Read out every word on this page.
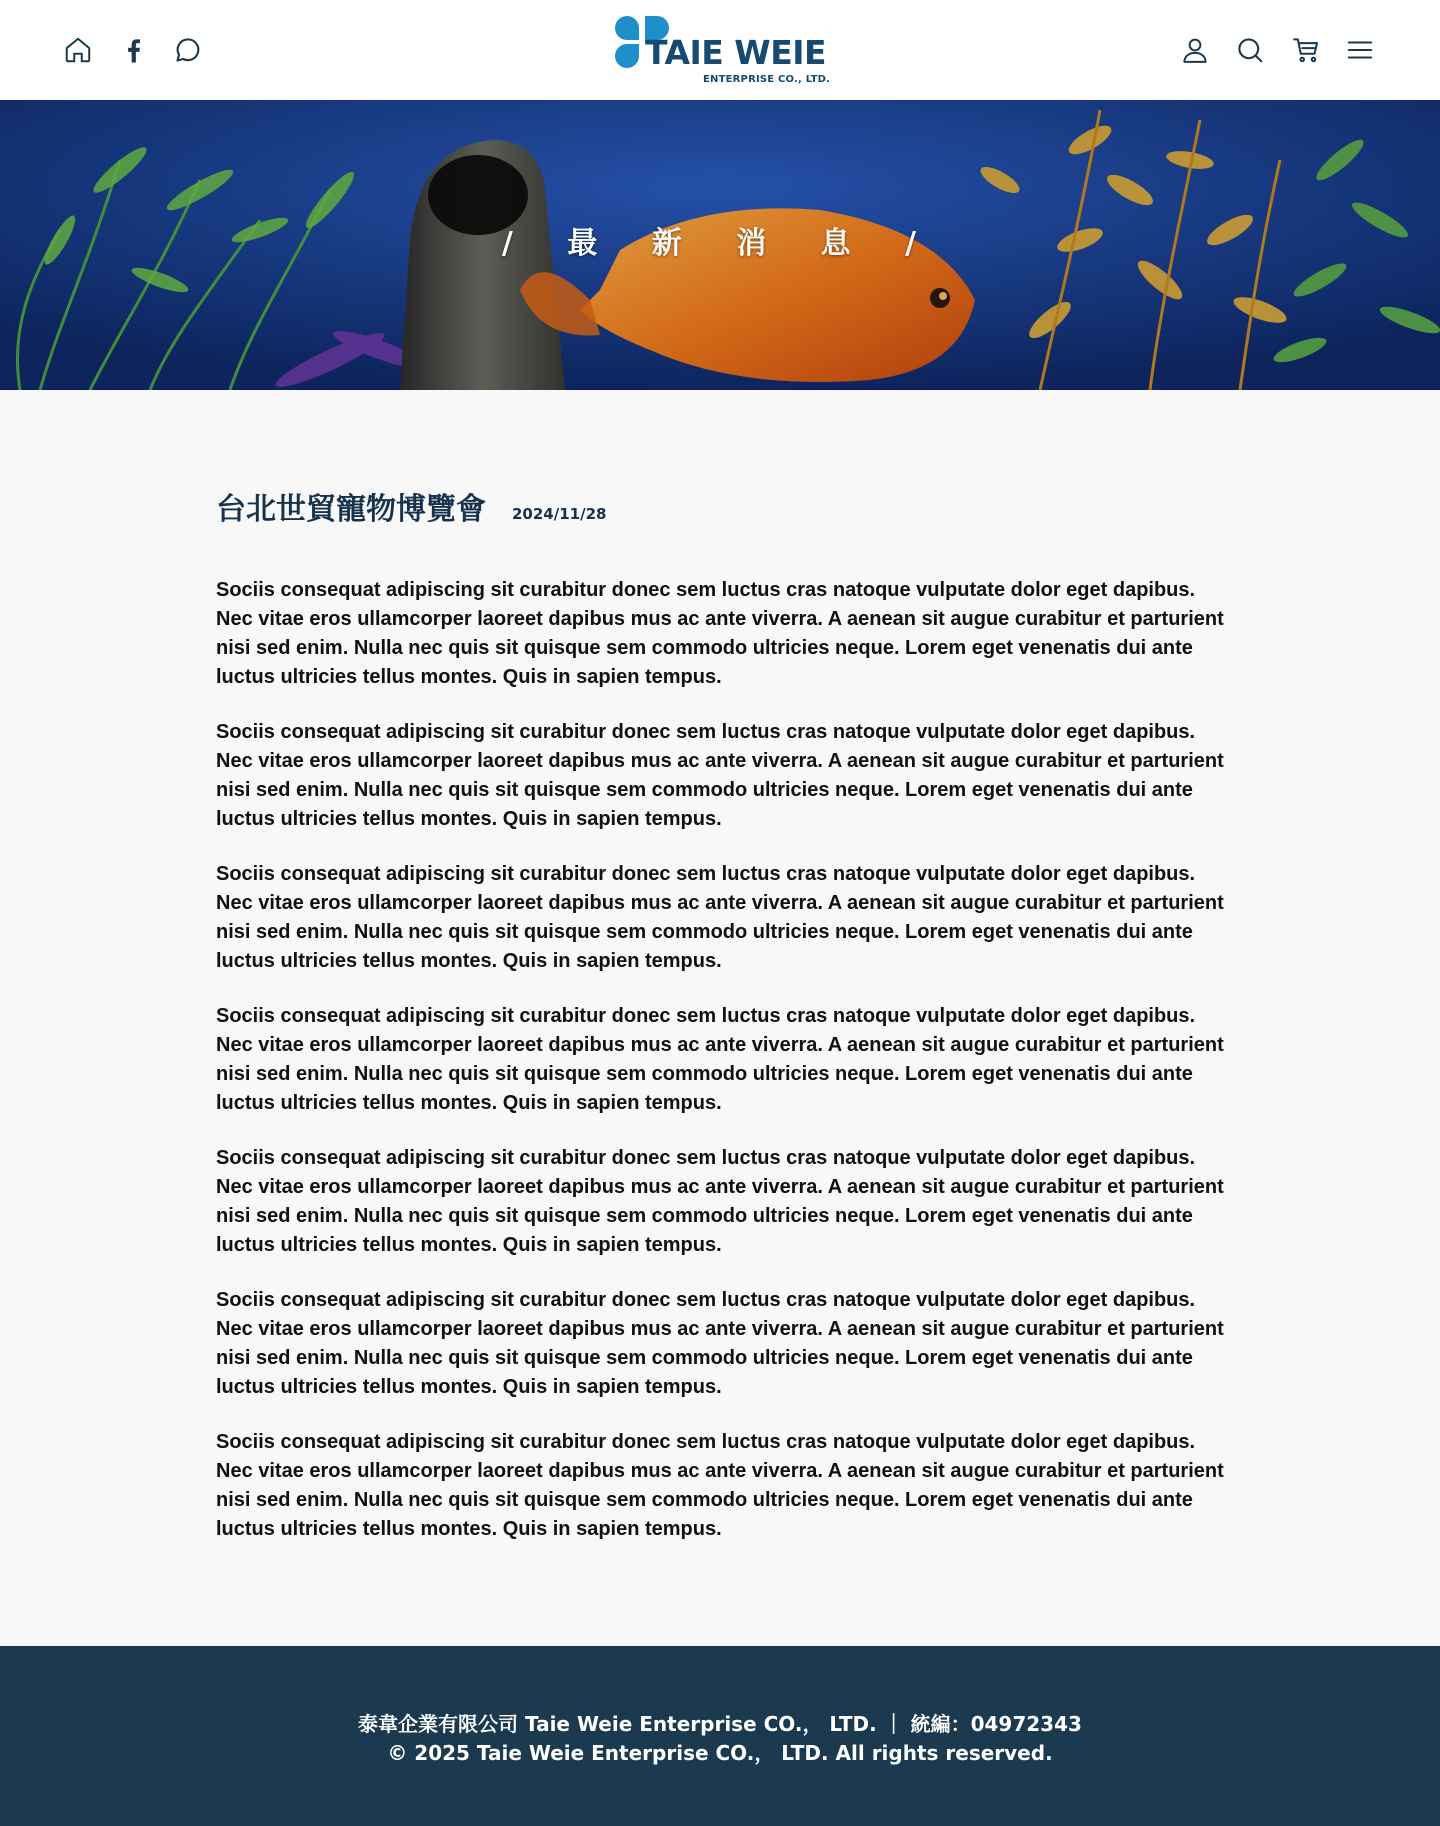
TAIE WEIE
ENTERPRISE CO., LTD.
/ 最 新 消 息 /
台北世貿寵物博覽會 2024/11/28

Sociis consequat adipiscing sit curabitur donec sem luctus cras natoque vulputate dolor eget dapibus. Nec vitae eros ullamcorper laoreet dapibus mus ac ante viverra. A aenean sit augue curabitur et parturient nisi sed enim. Nulla nec quis sit quisque sem commodo ultricies neque. Lorem eget venenatis dui ante luctus ultricies tellus montes. Quis in sapien tempus.

Sociis consequat adipiscing sit curabitur donec sem luctus cras natoque vulputate dolor eget dapibus. Nec vitae eros ullamcorper laoreet dapibus mus ac ante viverra. A aenean sit augue curabitur et parturient nisi sed enim. Nulla nec quis sit quisque sem commodo ultricies neque. Lorem eget venenatis dui ante luctus ultricies tellus montes. Quis in sapien tempus.

Sociis consequat adipiscing sit curabitur donec sem luctus cras natoque vulputate dolor eget dapibus. Nec vitae eros ullamcorper laoreet dapibus mus ac ante viverra. A aenean sit augue curabitur et parturient nisi sed enim. Nulla nec quis sit quisque sem commodo ultricies neque. Lorem eget venenatis dui ante luctus ultricies tellus montes. Quis in sapien tempus.

Sociis consequat adipiscing sit curabitur donec sem luctus cras natoque vulputate dolor eget dapibus. Nec vitae eros ullamcorper laoreet dapibus mus ac ante viverra. A aenean sit augue curabitur et parturient nisi sed enim. Nulla nec quis sit quisque sem commodo ultricies neque. Lorem eget venenatis dui ante luctus ultricies tellus montes. Quis in sapien tempus.

Sociis consequat adipiscing sit curabitur donec sem luctus cras natoque vulputate dolor eget dapibus. Nec vitae eros ullamcorper laoreet dapibus mus ac ante viverra. A aenean sit augue curabitur et parturient nisi sed enim. Nulla nec quis sit quisque sem commodo ultricies neque. Lorem eget venenatis dui ante luctus ultricies tellus montes. Quis in sapien tempus.

Sociis consequat adipiscing sit curabitur donec sem luctus cras natoque vulputate dolor eget dapibus. Nec vitae eros ullamcorper laoreet dapibus mus ac ante viverra. A aenean sit augue curabitur et parturient nisi sed enim. Nulla nec quis sit quisque sem commodo ultricies neque. Lorem eget venenatis dui ante luctus ultricies tellus montes. Quis in sapien tempus.

Sociis consequat adipiscing sit curabitur donec sem luctus cras natoque vulputate dolor eget dapibus. Nec vitae eros ullamcorper laoreet dapibus mus ac ante viverra. A aenean sit augue curabitur et parturient nisi sed enim. Nulla nec quis sit quisque sem commodo ultricies neque. Lorem eget venenatis dui ante luctus ultricies tellus montes. Quis in sapien tempus.

泰韋企業有限公司 Taie Weie Enterprise CO.， LTD. ｜ 統編：04972343
© 2025 Taie Weie Enterprise CO.， LTD. All rights reserved.
